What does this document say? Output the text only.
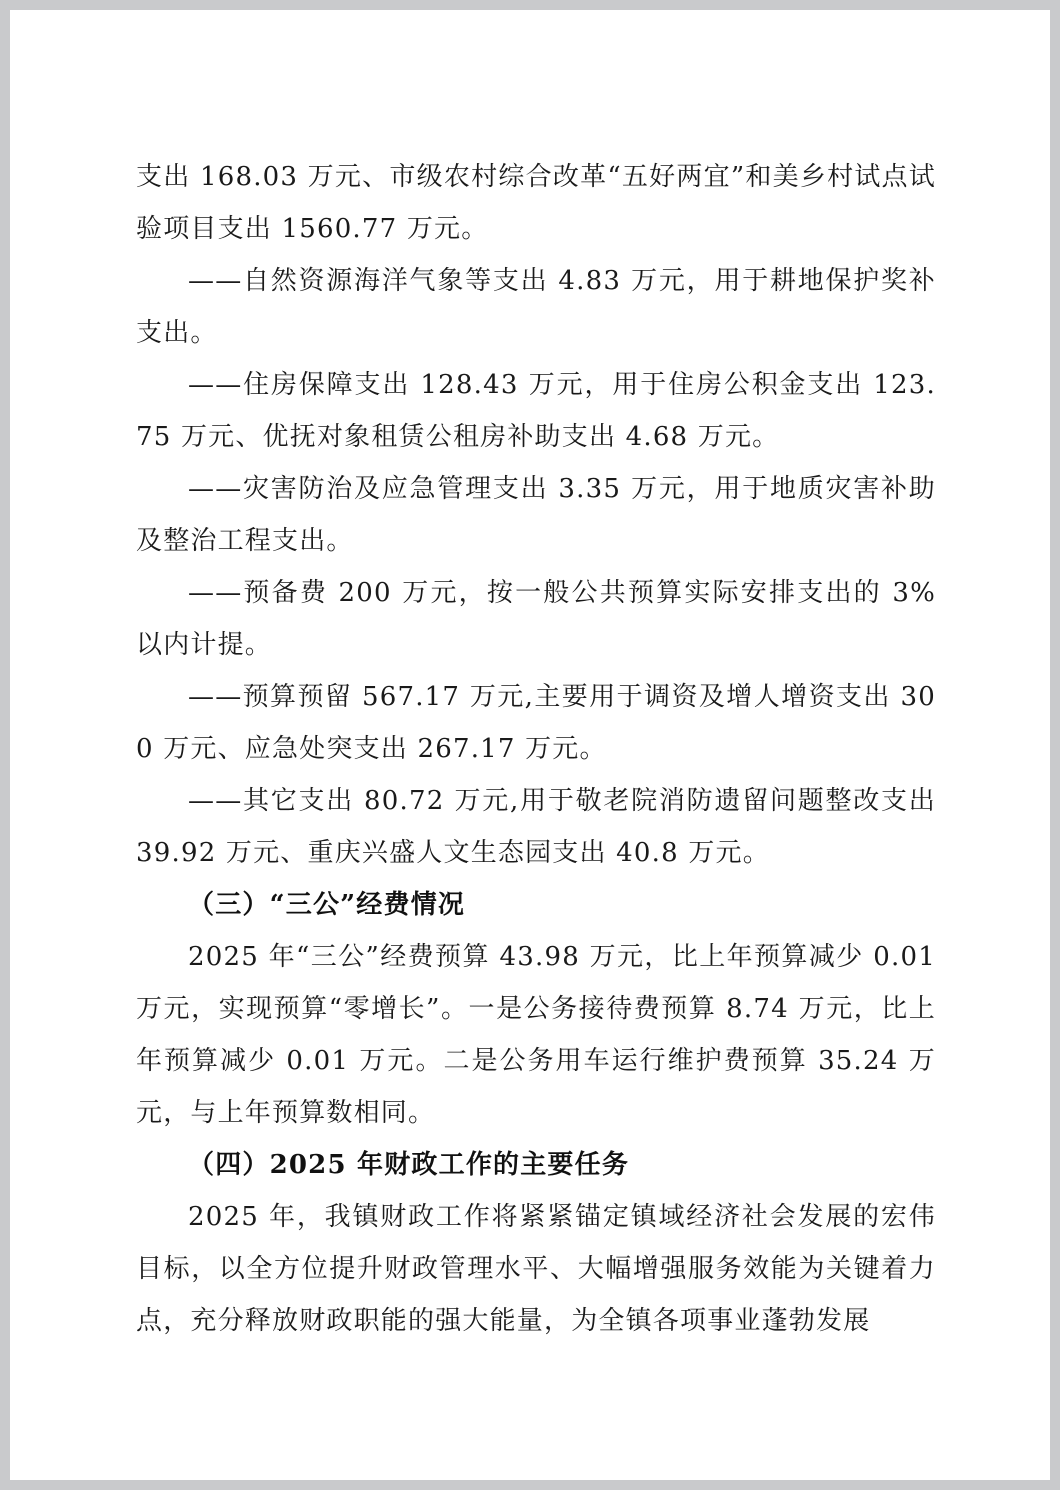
支出 168.03 万元、市级农村综合改革“五好两宜”和美乡村试点试验项目支出 1560.77 万元。

——自然资源海洋气象等支出 4.83 万元，用于耕地保护奖补支出。

——住房保障支出 128.43 万元，用于住房公积金支出 123.75 万元、优抚对象租赁公租房补助支出 4.68 万元。

——灾害防治及应急管理支出 3.35 万元，用于地质灾害补助及整治工程支出。

——预备费 200 万元，按一般公共预算实际安排支出的 3%以内计提。

——预算预留 567.17 万元,主要用于调资及增人增资支出 300 万元、应急处突支出 267.17 万元。

——其它支出 80.72 万元,用于敬老院消防遗留问题整改支出 39.92 万元、重庆兴盛人文生态园支出 40.8 万元。

（三）“三公”经费情况

2025 年“三公”经费预算 43.98 万元，比上年预算减少 0.01 万元，实现预算“零增长”。一是公务接待费预算 8.74 万元，比上年预算减少 0.01 万元。二是公务用车运行维护费预算 35.24 万元，与上年预算数相同。

（四）2025 年财政工作的主要任务

2025 年，我镇财政工作将紧紧锚定镇域经济社会发展的宏伟目标，以全方位提升财政管理水平、大幅增强服务效能为关键着力点，充分释放财政职能的强大能量，为全镇各项事业蓬勃发展
